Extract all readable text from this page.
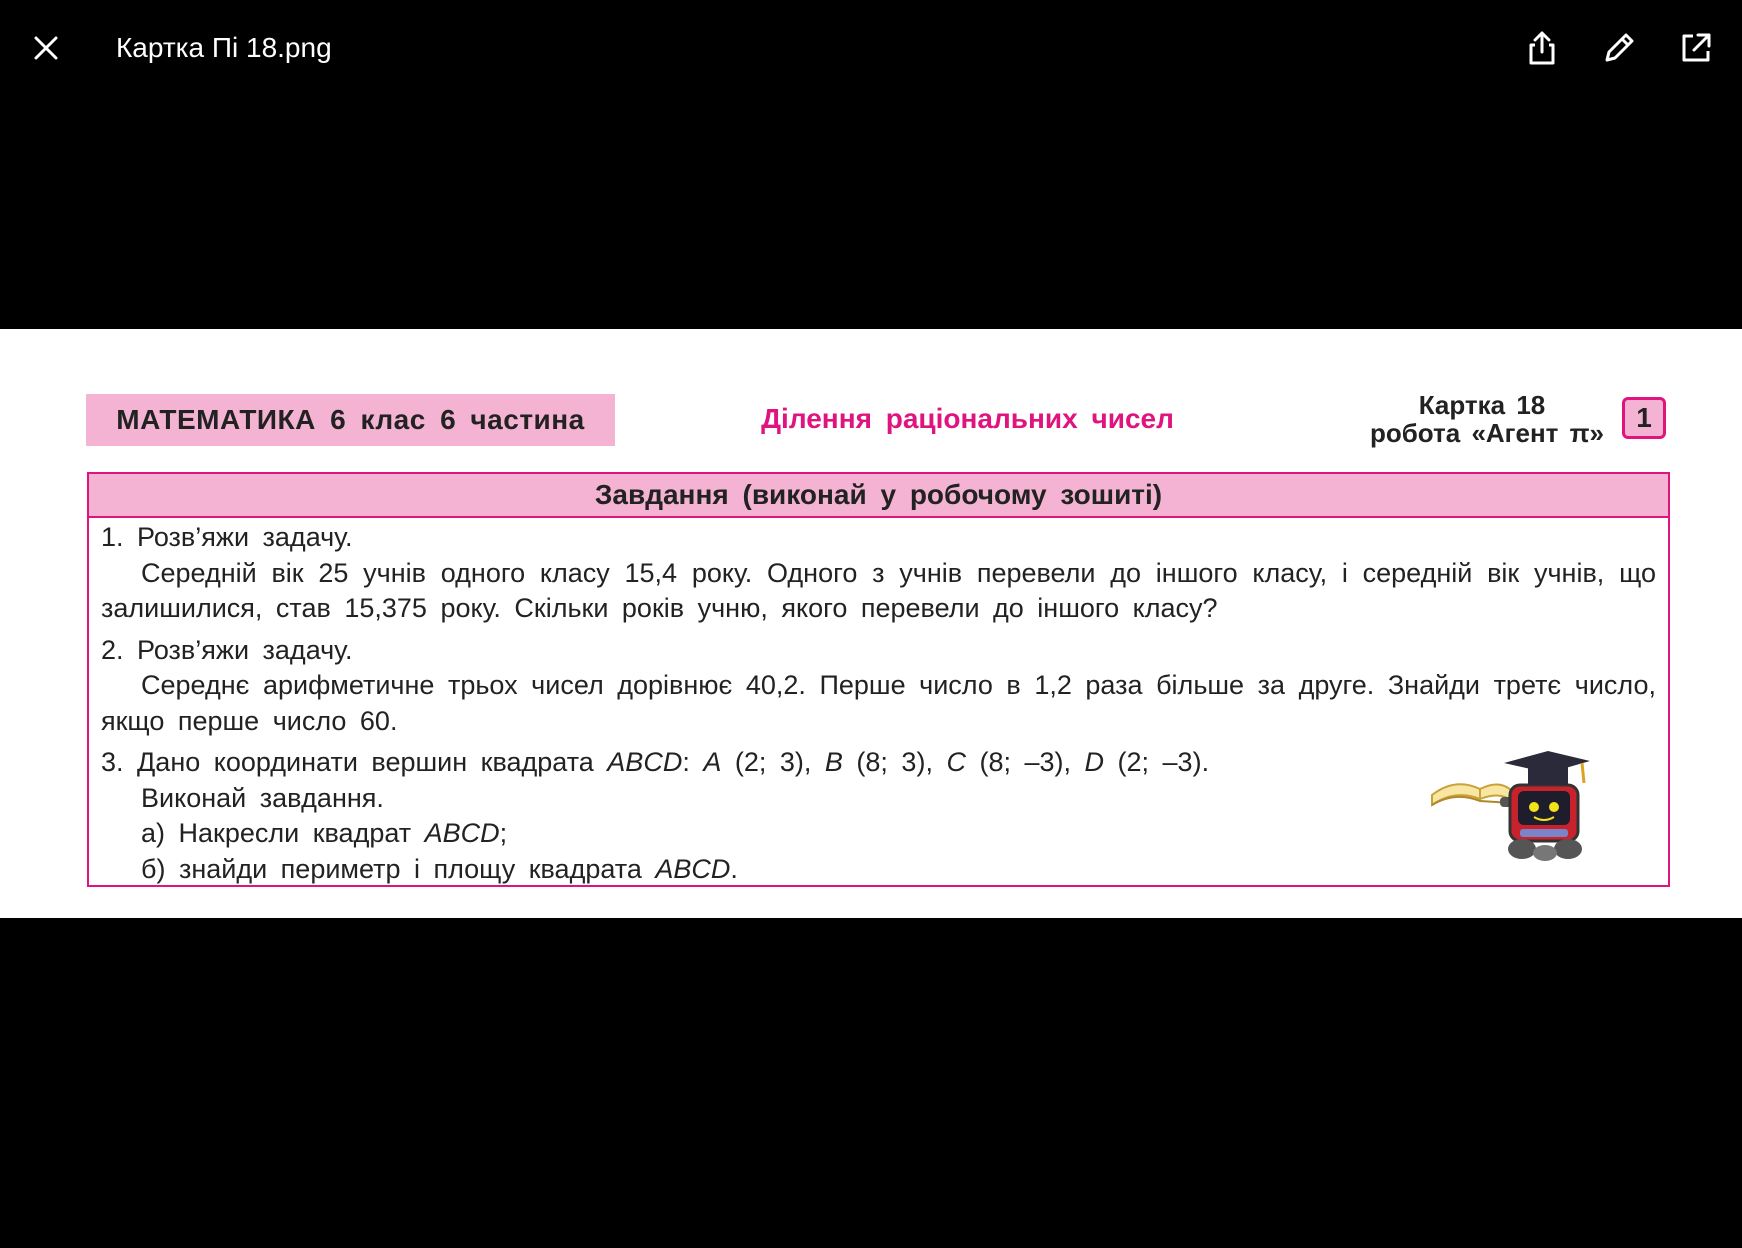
Картка Пі 18.png
МАТЕМАТИКА 6 клас 6 частина	Ділення раціональних чисел	Картка 18
робота «Агент π»	1
Завдання (виконай у робочому зошиті)

1. Розв’яжи задачу.

Середній вік 25 учнів одного класу 15,4 року. Одного з учнів перевели до іншого класу, і середній вік учнів, що залишилися, став 15,375 року. Скільки років учню, якого перевели до іншого класу?

2. Розв’яжи задачу.

Середнє арифметичне трьох чисел дорівнює 40,2. Перше число в 1,2 раза більше за друге. Знайди третє число, якщо перше число 60.

3. Дано координати вершин квадрата ABCD: A (2; 3), B (8; 3), C (8; –3), D (2; –3).

Виконай завдання.

а) Накресли квадрат ABCD;

б) знайди периметр і площу квадрата ABCD.
